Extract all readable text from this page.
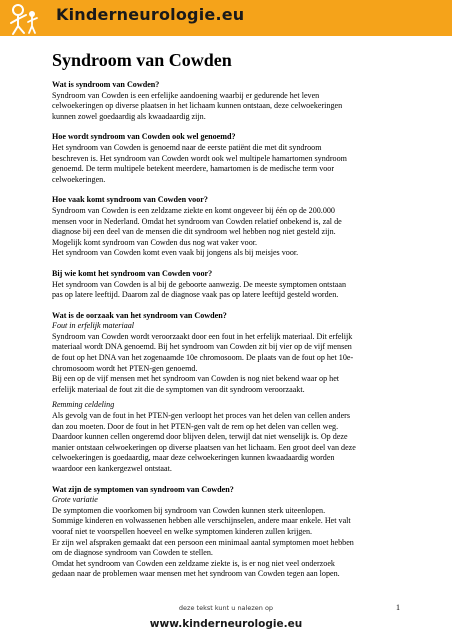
Kinderneurologie.eu
Syndroom van Cowden
Wat is syndroom van Cowden?
Syndroom van Cowden is een erfelijke aandoening waarbij er gedurende het leven
celwoekeringen op diverse plaatsen in het lichaam kunnen ontstaan, deze celwoekeringen
kunnen zowel goedaardig als kwaadaardig zijn.
Hoe wordt syndroom van Cowden ook wel genoemd?
Het syndroom van Cowden is genoemd naar de eerste patiënt die met dit syndroom
beschreven is. Het syndroom van Cowden wordt ook wel multipele hamartomen syndroom
genoemd. De term multipele betekent meerdere, hamartomen is de medische term voor
celwoekeringen.
Hoe vaak komt syndroom van Cowden voor?
Syndroom van Cowden is een zeldzame ziekte en komt ongeveer bij één op de 200.000
mensen voor in Nederland. Omdat het syndroom van Cowden relatief onbekend is, zal de
diagnose bij een deel van de mensen die dit syndroom wel hebben nog niet gesteld zijn.
Mogelijk komt syndroom van Cowden dus nog wat vaker voor.
Het syndroom van Cowden komt even vaak bij jongens als bij meisjes voor.
Bij wie komt het syndroom van Cowden voor?
Het syndroom van Cowden is al bij de geboorte aanwezig. De meeste symptomen ontstaan
pas op latere leeftijd. Daarom zal de diagnose vaak pas op latere leeftijd gesteld worden.
Wat is de oorzaak van het syndroom van Cowden?
Fout in erfelijk materiaal
Syndroom van Cowden wordt veroorzaakt door een fout in het erfelijk materiaal. Dit erfelijk
materiaal wordt DNA genoemd. Bij het syndroom van Cowden zit bij vier op de vijf mensen
de fout op het DNA van het zogenaamde 10e chromosoom. De plaats van de fout op het 10e-
chromosoom wordt het PTEN-gen genoemd.
Bij een op de vijf mensen met het syndroom van Cowden is nog niet bekend waar op het
erfelijk materiaal de fout zit die de symptomen van dit syndroom veroorzaakt.
Remming celdeling
Als gevolg van de fout in het PTEN-gen verloopt het proces van het delen van cellen anders
dan zou moeten. Door de fout in het PTEN-gen valt de rem op het delen van cellen weg.
Daardoor kunnen cellen ongeremd door blijven delen, terwijl dat niet wenselijk is. Op deze
manier ontstaan celwoekeringen op diverse plaatsen van het lichaam. Een groot deel van deze
celwoekeringen is goedaardig, maar deze celwoekeringen kunnen kwaadaardig worden
waardoor een kankergezwel ontstaat.
Wat zijn de symptomen van syndroom van Cowden?
Grote variatie
De symptomen die voorkomen bij syndroom van Cowden kunnen sterk uiteenlopen.
Sommige kinderen en volwassenen hebben alle verschijnselen, andere maar enkele. Het valt
vooraf niet te voorspellen hoeveel en welke symptomen kinderen zullen krijgen.
Er zijn wel afspraken gemaakt dat een persoon een minimaal aantal symptomen moet hebben
om de diagnose syndroom van Cowden te stellen.
Omdat het syndroom van Cowden een zeldzame ziekte is, is er nog niet veel onderzoek
gedaan naar de problemen waar mensen met het syndroom van Cowden tegen aan lopen.
deze tekst kunt u nalezen op	1
www.kinderneurologie.eu
